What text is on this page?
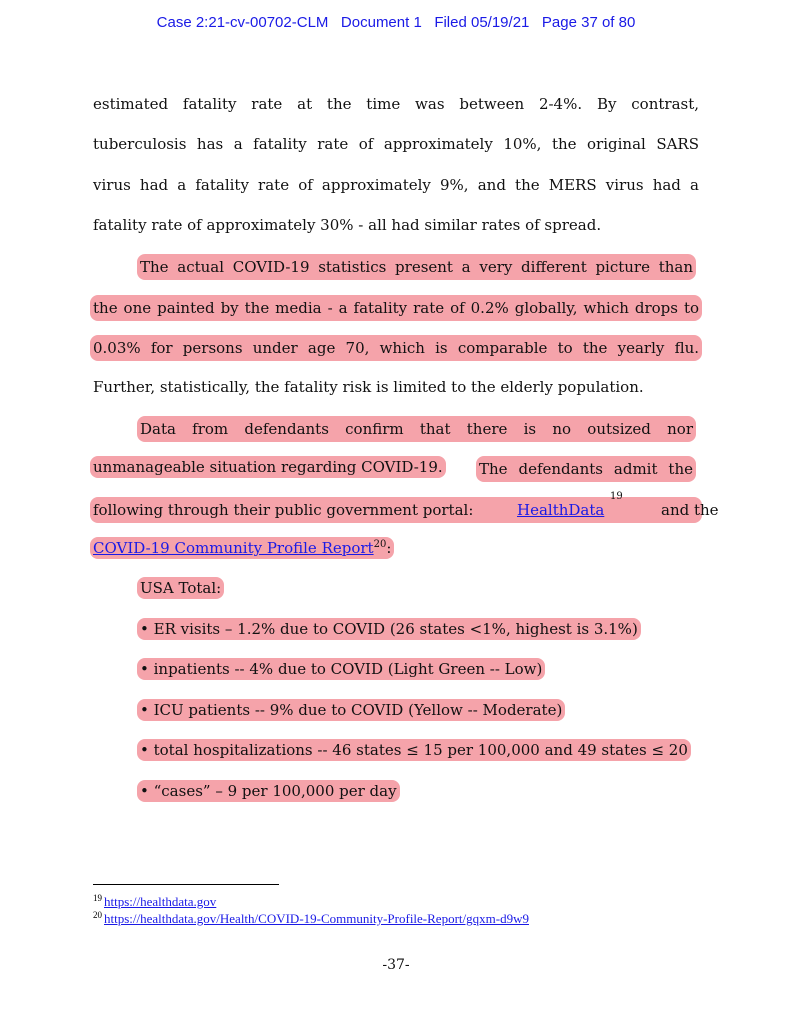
Case 2:21-cv-00702-CLM Document 1 Filed 05/19/21 Page 37 of 80
estimated fatality rate at the time was between 2-4%. By contrast,
tuberculosis has a fatality rate of approximately 10%, the original SARS
virus had a fatality rate of approximately 9%, and the MERS virus had a
fatality rate of approximately 30% - all had similar rates of spread.
The actual COVID-19 statistics present a very different picture than
the one painted by the media - a fatality rate of 0.2% globally, which drops to
0.03% for persons under age 70, which is comparable to the yearly flu.
Further, statistically, the fatality risk is limited to the elderly population.
Data from defendants confirm that there is no outsized nor
unmanageable situation regarding COVID-19. The defendants admit the
following through their public government portal:	HealthData
19
and the
COVID-19 Community Profile Report$^{20}$:
USA Total:
• ER visits – 1.2% due to COVID (26 states <1%, highest is 3.1%)
• inpatients -- 4% due to COVID (Light Green -- Low)
• ICU patients -- 9% due to COVID (Yellow -- Moderate)
• total hospitalizations -- 46 states ≤ 15 per 100,000 and 49 states ≤ 20
• “cases” – 9 per 100,000 per day
$^{19}$ https://healthdata.gov
$^{20}$ https://healthdata.gov/Health/COVID-19-Community-Profile-Report/gqxm-d9w9
-37-
